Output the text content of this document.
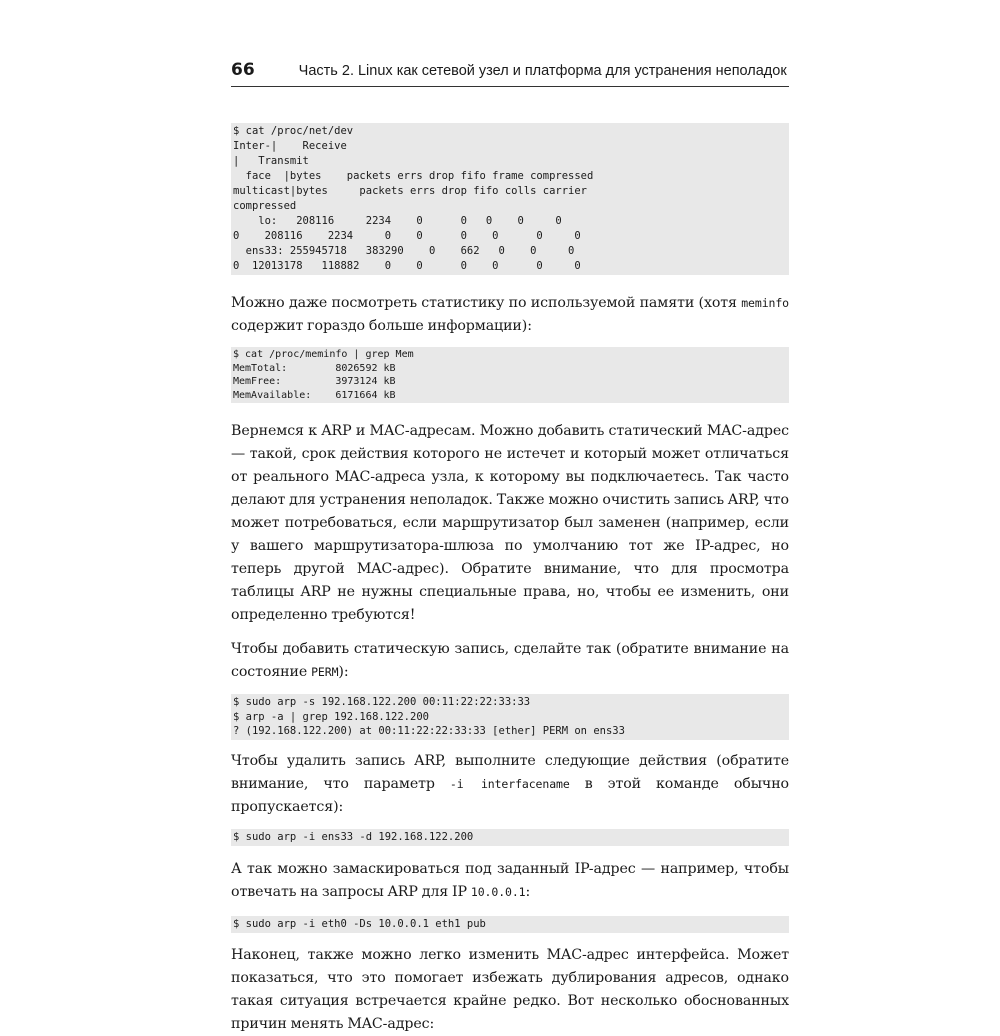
66	Часть 2. Linux как сетевой узел и платформа для устранения неполадок
$ cat /proc/net/dev
Inter-|    Receive
|   Transmit
face  |bytes    packets errs drop fifo frame compressed
multicast|bytes     packets errs drop fifo colls carrier
compressed
lo:   208116     2234    0      0   0    0     0
0    208116    2234     0    0      0    0      0     0
ens33: 255945718   383290    0    662   0    0     0
0  12013178   118882    0    0      0    0      0     0

Можно даже посмотреть статистику по используемой памяти (хотя meminfo содержит гораздо больше информации):

$ cat /proc/meminfo | grep Mem
MemTotal:        8026592 kB
MemFree:         3973124 kB
MemAvailable:    6171664 kB

Вернемся к ARP и MAC-адресам. Можно добавить статический MAC-адрес — такой, срок действия которого не истечет и который может отличаться от реального MAC-адреса узла, к которому вы подключаетесь. Так часто делают для устранения неполадок. Также можно очистить запись ARP, что может потребоваться, если маршрутизатор был заменен (например, если у вашего маршрутизатора-шлюза по умолчанию тот же IP-адрес, но теперь другой MAC-адрес). Обратите внимание, что для просмотра таблицы ARP не нужны специальные права, но, чтобы ее изменить, они определенно требуются!

Чтобы добавить статическую запись, сделайте так (обратите внимание на состояние PERM):

$ sudo arp -s 192.168.122.200 00:11:22:22:33:33
$ arp -a | grep 192.168.122.200
? (192.168.122.200) at 00:11:22:22:33:33 [ether] PERM on ens33

Чтобы удалить запись ARP, выполните следующие действия (обратите внимание, что параметр -i interfacename в этой команде обычно пропускается):

$ sudo arp -i ens33 -d 192.168.122.200

А так можно замаскироваться под заданный IP-адрес — например, чтобы отвечать на запросы ARP для IP 10.0.0.1:

$ sudo arp -i eth0 -Ds 10.0.0.1 eth1 pub

Наконец, также можно легко изменить MAC-адрес интерфейса. Может показаться, что это помогает избежать дублирования адресов, однако такая ситуация встречается крайне редко. Вот несколько обоснованных причин менять MAC-адрес:
